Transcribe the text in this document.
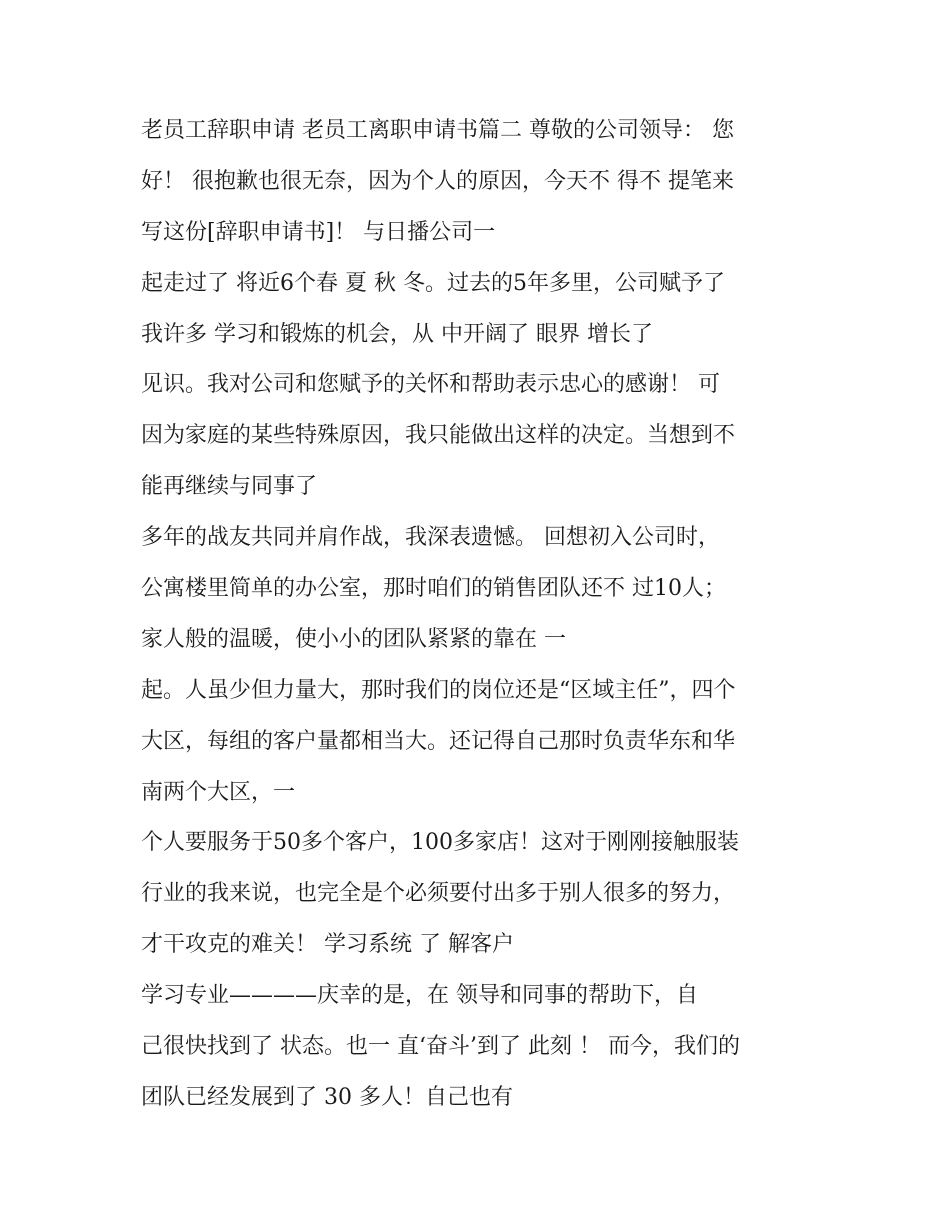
老员工辞职申请 老员工离职申请书篇二 尊敬的公司领导： 您
好！ 很抱歉也很无奈，因为个人的原因，今天不 得不 提笔来
写这份[辞职申请书]！ 与日播公司一
起走过了 将近6个春 夏 秋 冬。过去的5年多里，公司赋予了
我许多 学习和锻炼的机会，从 中开阔了 眼界 增长了
见识。我对公司和您赋予的关怀和帮助表示忠心的感谢！ 可
因为家庭的某些特殊原因，我只能做出这样的决定。当想到不
能再继续与同事了
多年的战友共同并肩作战，我深表遗憾。 回想初入公司时，
公寓楼里简单的办公室，那时咱们的销售团队还不 过10人；
家人般的温暖，使小小的团队紧紧的靠在 一
起。人虽少但力量大，那时我们的岗位还是“区域主任”，四个
大区，每组的客户量都相当大。还记得自己那时负责华东和华
南两个大区，一
个人要服务于50多个客户，100多家店！这对于刚刚接触服装
行业的我来说，也完全是个必须要付出多于别人很多的努力，
才干攻克的难关！ 学习系统 了 解客户
学习专业————庆幸的是，在 领导和同事的帮助下，自
己很快找到了 状态。也一 直‘奋斗’到了 此刻 ！ 而今，我们的
团队已经发展到了 30 多人！自己也有
